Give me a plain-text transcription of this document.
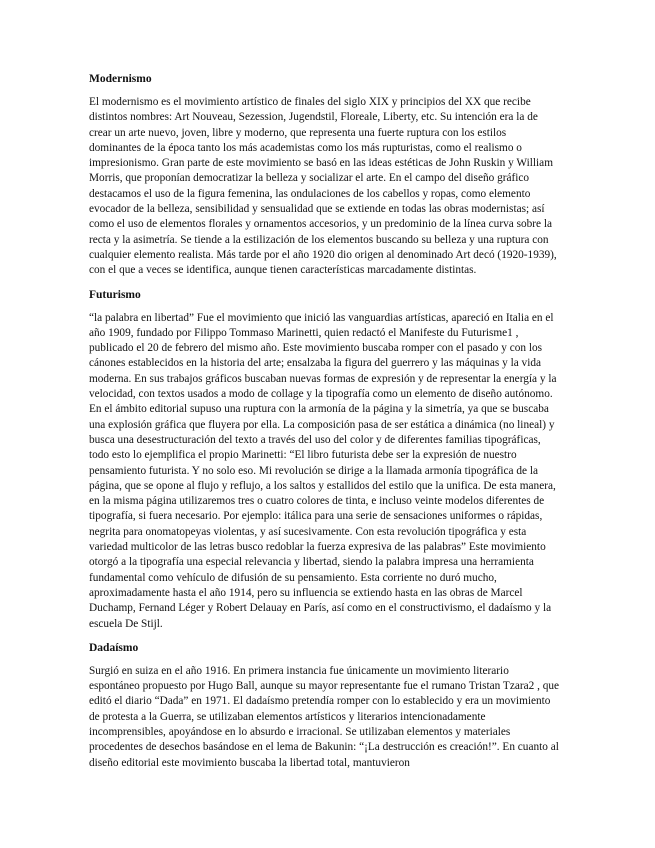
Modernismo

El modernismo es el movimiento artístico de finales del siglo XIX y principios del XX que recibe distintos nombres: Art Nouveau, Sezession, Jugendstil, Floreale, Liberty, etc. Su intención era la de crear un arte nuevo, joven, libre y moderno, que representa una fuerte ruptura con los estilos dominantes de la época tanto los más academistas como los más rupturistas, como el realismo o impresionismo. Gran parte de este movimiento se basó en las ideas estéticas de John Ruskin y William Morris, que proponían democratizar la belleza y socializar el arte. En el campo del diseño gráfico destacamos el uso de la figura femenina, las ondulaciones de los cabellos y ropas, como elemento evocador de la belleza, sensibilidad y sensualidad que se extiende en todas las obras modernistas; así como el uso de elementos florales y ornamentos accesorios, y un predominio de la línea curva sobre la recta y la asimetría. Se tiende a la estilización de los elementos buscando su belleza y una ruptura con cualquier elemento realista. Más tarde por el año 1920 dio origen al denominado Art decó (1920-1939), con el que a veces se identifica, aunque tienen características marcadamente distintas.

Futurismo

“la palabra en libertad” Fue el movimiento que inició las vanguardias artísticas, apareció en Italia en el año 1909, fundado por Filippo Tommaso Marinetti, quien redactó el Manifeste du Futurisme1 , publicado el 20 de febrero del mismo año. Este movimiento buscaba romper con el pasado y con los cánones establecidos en la historia del arte; ensalzaba la figura del guerrero y las máquinas y la vida moderna. En sus trabajos gráficos buscaban nuevas formas de expresión y de representar la energía y la velocidad, con textos usados a modo de collage y la tipografía como un elemento de diseño autónomo. En el ámbito editorial supuso una ruptura con la armonía de la página y la simetría, ya que se buscaba una explosión gráfica que fluyera por ella. La composición pasa de ser estática a dinámica (no lineal) y busca una desestructuración del texto a través del uso del color y de diferentes familias tipográficas, todo esto lo ejemplifica el propio Marinetti: “El libro futurista debe ser la expresión de nuestro pensamiento futurista. Y no solo eso. Mi revolución se dirige a la llamada armonía tipográfica de la página, que se opone al flujo y reflujo, a los saltos y estallidos del estilo que la unifica. De esta manera, en la misma página utilizaremos tres o cuatro colores de tinta, e incluso veinte modelos diferentes de tipografía, si fuera necesario. Por ejemplo: itálica para una serie de sensaciones uniformes o rápidas, negrita para onomatopeyas violentas, y así sucesivamente. Con esta revolución tipográfica y esta variedad multicolor de las letras busco redoblar la fuerza expresiva de las palabras” Este movimiento otorgó a la tipografía una especial relevancia y libertad, siendo la palabra impresa una herramienta fundamental como vehículo de difusión de su pensamiento. Esta corriente no duró mucho, aproximadamente hasta el año 1914, pero su influencia se extiendo hasta en las obras de Marcel Duchamp, Fernand Léger y Robert Delauay en París, así como en el constructivismo, el dadaísmo y la escuela De Stijl.

Dadaísmo

Surgió en suiza en el año 1916. En primera instancia fue únicamente un movimiento literario espontáneo propuesto por Hugo Ball, aunque su mayor representante fue el rumano Tristan Tzara2 , que editó el diario “Dada” en 1971. El dadaísmo pretendía romper con lo establecido y era un movimiento de protesta a la Guerra, se utilizaban elementos artísticos y literarios intencionadamente incomprensibles, apoyándose en lo absurdo e irracional. Se utilizaban elementos y materiales procedentes de desechos basándose en el lema de Bakunin: “¡La destrucción es creación!”. En cuanto al diseño editorial este movimiento buscaba la libertad total, mantuvieron
